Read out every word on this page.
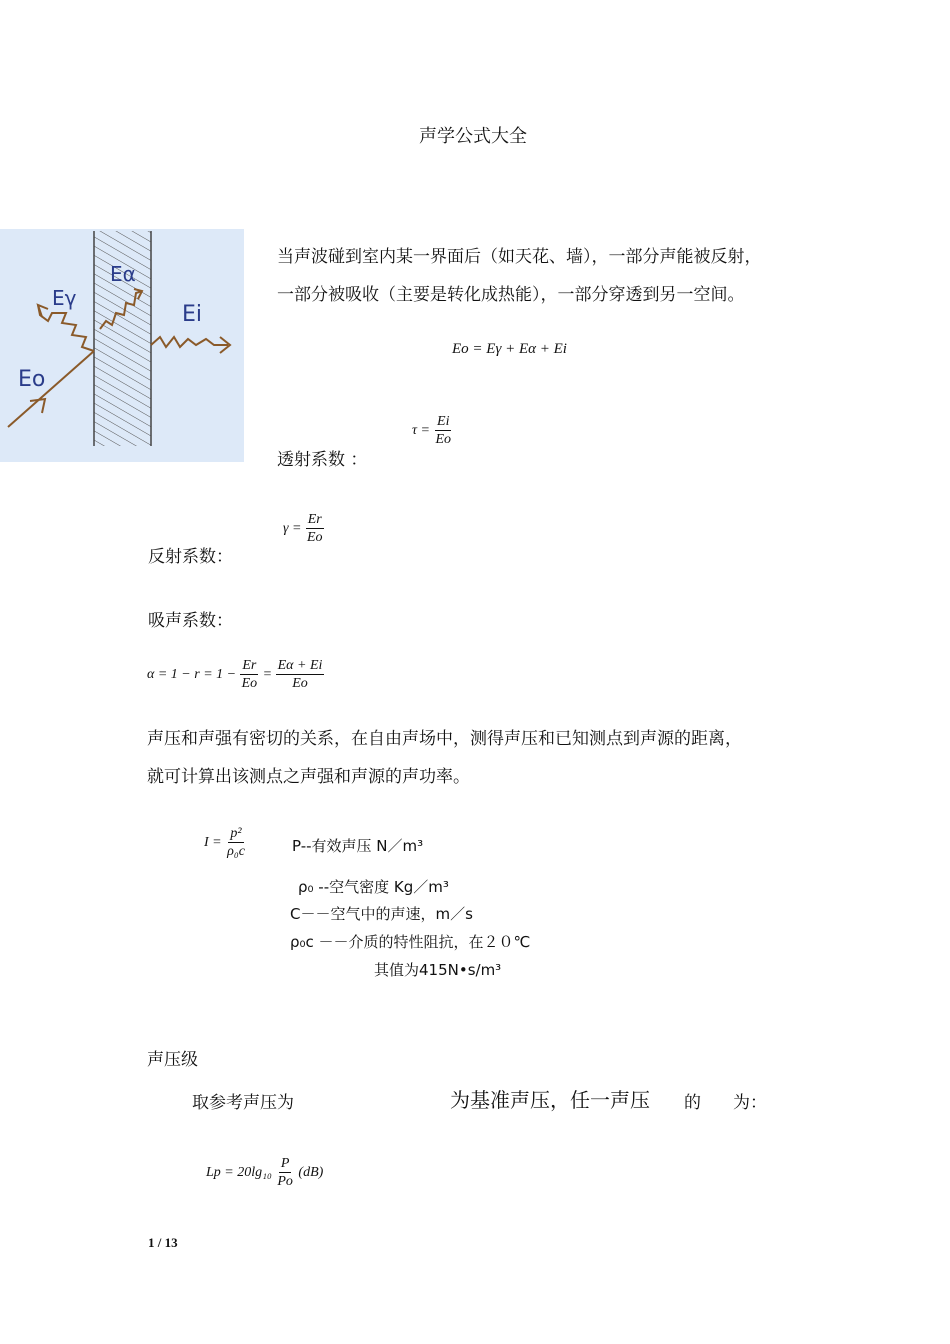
声学公式大全
Eo
Eγ
Eα
Ei
当声波碰到室内某一界面后（如天花、墙），一部分声能被反射，
一部分被吸收（主要是转化成热能），一部分穿透到另一空间。
Eo = Eγ + Eα + Ei
$\tau = \frac{Ei}{Eo}$
透射系数 ：
$\gamma = \frac{Er}{Eo}$
反射系数：
吸声系数：
$\alpha = 1 - r = 1 - \frac{Er}{Eo} = \frac{E\alpha + Ei}{Eo}$
声压和声强有密切的关系，在自由声场中，测得声压和已知测点到声源的距离，
就可计算出该测点之声强和声源的声功率。
$I = \frac{\text{p²}}{\text{ρ₀c}}$	P--有效声压 N／m³
ρ₀ --空气密度 Kg／m³
C－－空气中的声速，m／s
ρ₀c －－介质的特性阻抗，在２０℃
其值为415N•s/m³
声压级
取参考声压为	为基准声压，任一声压 的 为：
$Lp = 20\lg_{10} \frac{P}{Po} (dB)$
1 / 13
